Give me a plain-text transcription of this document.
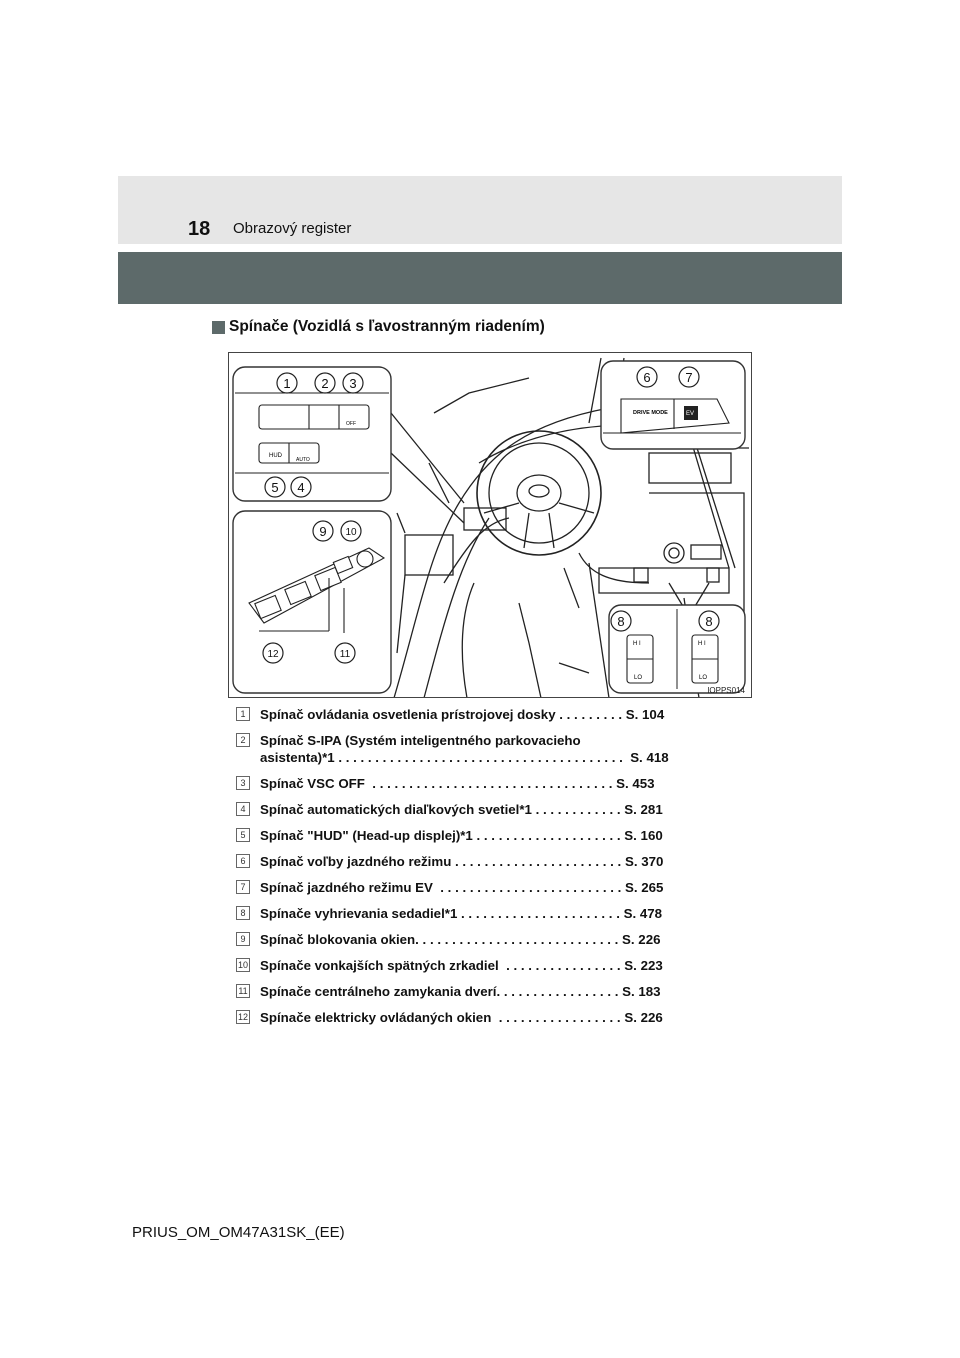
18 Obrazový register
Spínače (Vozidlá s ľavostranným riadením)
HUD
AUTO
OFF
DRIVE MODE	EV
H I	H I
LO	LO
1 2 3
4
5
6	7
8	8
9 10
11
12
IOPPS014
1	Spínač ovládania osvetlenia prístrojovej dosky . . . . . . . . . S. 104
2	Spínač S-IPA (Systém inteligentného parkovacieho
asistenta)*1 . . . . . . . . . . . . . . . . . . . . . . . . . . . . . . . . . . . . . . .  S. 418
3	Spínač VSC OFF  . . . . . . . . . . . . . . . . . . . . . . . . . . . . . . . . . S. 453
4	Spínač automatických diaľkových svetiel*1 . . . . . . . . . . . . S. 281
5	Spínač "HUD" (Head-up displej)*1 . . . . . . . . . . . . . . . . . . . . S. 160
6	Spínač voľby jazdného režimu . . . . . . . . . . . . . . . . . . . . . . . S. 370
7	Spínač jazdného režimu EV  . . . . . . . . . . . . . . . . . . . . . . . . . S. 265
8	Spínače vyhrievania sedadiel*1 . . . . . . . . . . . . . . . . . . . . . . S. 478
9	Spínač blokovania okien. . . . . . . . . . . . . . . . . . . . . . . . . . . . S. 226
10 Spínače vonkajších spätných zrkadiel  . . . . . . . . . . . . . . . . S. 223
11 Spínače centrálneho zamykania dverí. . . . . . . . . . . . . . . . . S. 183
12 Spínače elektricky ovládaných okien  . . . . . . . . . . . . . . . . . S. 226
PRIUS_OM_OM47A31SK_(EE)
